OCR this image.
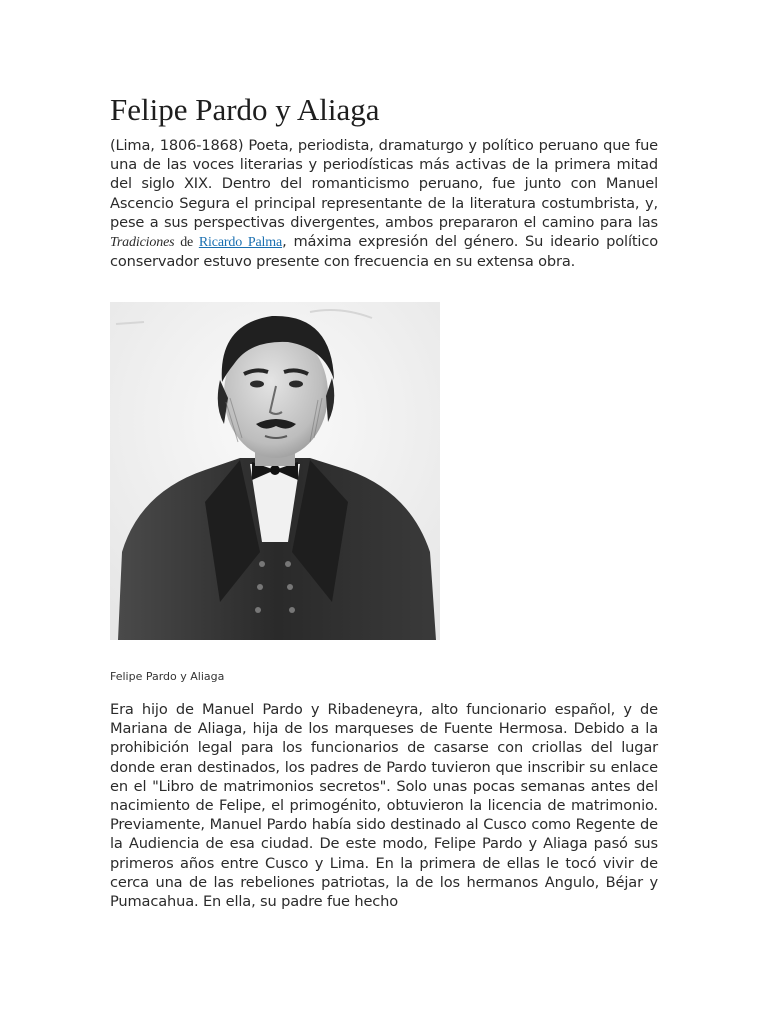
Felipe Pardo y Aliaga

(Lima, 1806-1868) Poeta, periodista, dramaturgo y político peruano que fue una de las voces literarias y periodísticas más activas de la primera mitad del siglo XIX. Dentro del romanticismo peruano, fue junto con Manuel Ascencio Segura el principal representante de la literatura costumbrista, y, pese a sus perspectivas divergentes, ambos prepararon el camino para las Tradiciones de Ricardo Palma, máxima expresión del género. Su ideario político conservador estuvo presente con frecuencia en su extensa obra.

Felipe Pardo y Aliaga

Era hijo de Manuel Pardo y Ribadeneyra, alto funcionario español, y de Mariana de Aliaga, hija de los marqueses de Fuente Hermosa. Debido a la prohibición legal para los funcionarios de casarse con criollas del lugar donde eran destinados, los padres de Pardo tuvieron que inscribir su enlace en el "Libro de matrimonios secretos". Solo unas pocas semanas antes del nacimiento de Felipe, el primogénito, obtuvieron la licencia de matrimonio. Previamente, Manuel Pardo había sido destinado al Cusco como Regente de la Audiencia de esa ciudad. De este modo, Felipe Pardo y Aliaga pasó sus primeros años entre Cusco y Lima. En la primera de ellas le tocó vivir de cerca una de las rebeliones patriotas, la de los hermanos Angulo, Béjar y Pumacahua. En ella, su padre fue hecho
